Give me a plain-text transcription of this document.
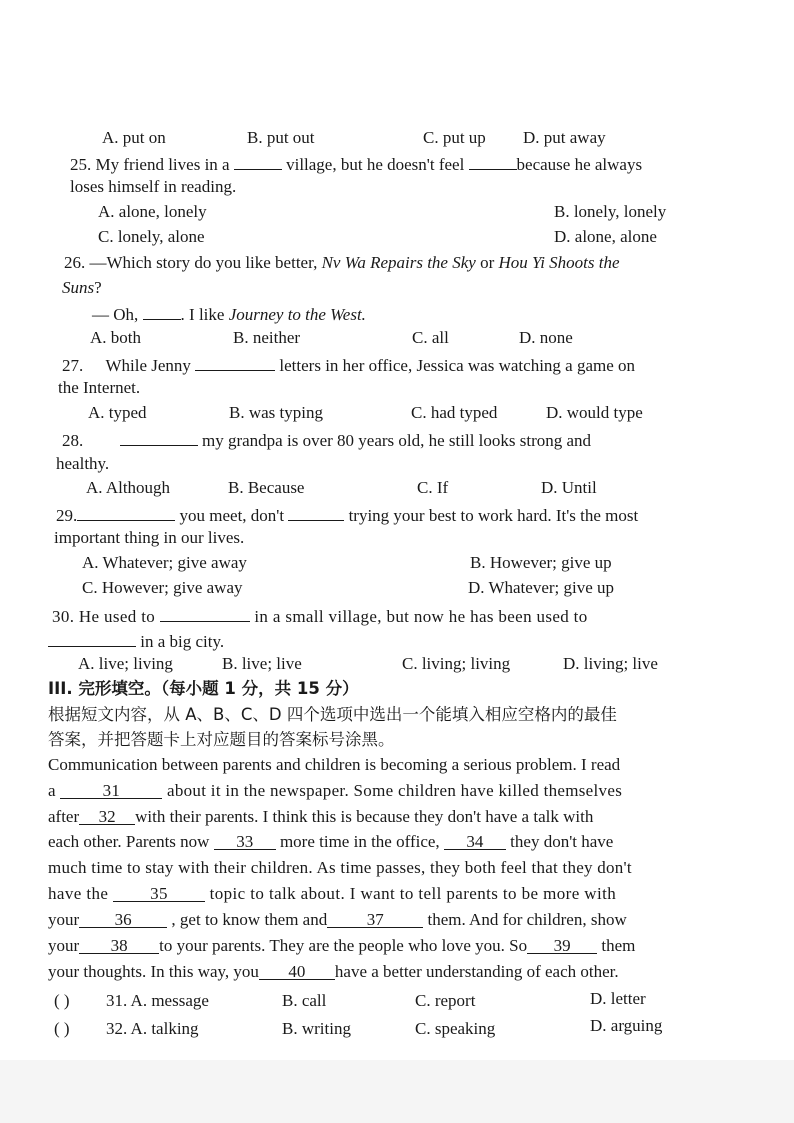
A. put on	B. put out	C. put up D. put away
25. My friend lives in a	village, but he doesn't feel	because he always
loses himself in reading.
A. alone, lonely	B. lonely, lonely
C. lonely, alone	D. alone, alone
26. —Which story do you like better, Nv Wa Repairs the Sky or Hou Yi Shoots the
Suns?
— Oh, . I like Journey to the West.
A. both	B. neither	C. all	D. none
27. While Jenny	letters in her office, Jessica was watching a game on
the Internet.
A. typed	B. was typing	C. had typed	D. would type
28.	my grandpa is over 80 years old, he still looks strong and
healthy.
A. Although	B. Because	C. If	D. Until
29.	you meet, don't	trying your best to work hard. It's the most
important thing in our lives.
A. Whatever; give away	B. However; give up
C. However; give away	D. Whatever; give up
30. He used to	in a small village, but now he has been used to
in a big city.
A. live; living	B. live; live	C. living; living	D. living; live
III. 完形填空。（每小题 1 分，共 15 分）
根据短文内容，从 A、B、C、D 四个选项中选出一个能填入相应空格内的最佳
答案，并把答题卡上对应题目的答案标号涂黑。
Communication between parents and children is becoming a serious problem. I read
a	31	about it in the newspaper. Some children have killed themselves
after 32 with their parents. I think this is because they don't have a talk with
each other. Parents now 33 more time in the office, 34 they don't have
much time to stay with their children. As time passes, they both feel that they don't
have the 35 topic to talk about. I want to tell parents to be more with
your 36 , get to know them and 37	them. And for children, show
your 38 to your parents. They are the people who love you. So 39 them
your thoughts. In this way, you 40 have a better understanding of each other.
( ) 31. A. message	B. call	C. report	D. letter
( ) 32. A. talking	B. writing	C. speaking	D. arguing
